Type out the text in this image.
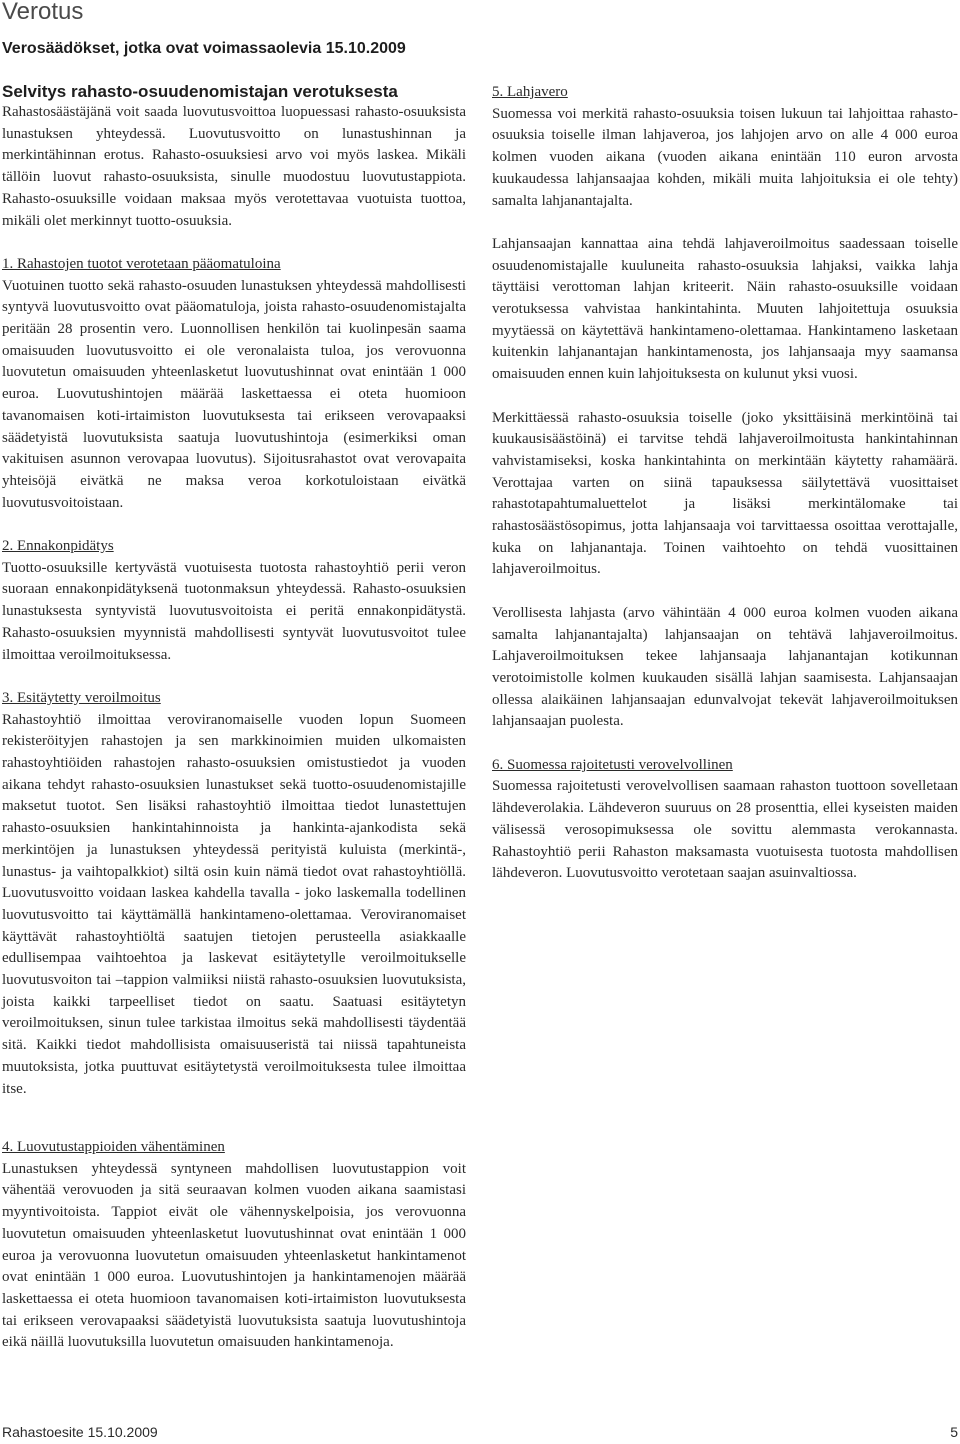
Verotus
Verosäädökset, jotka ovat voimassaolevia 15.10.2009
Selvitys rahasto-osuudenomistajan verotuksesta

Rahastosäästäjänä voit saada luovutusvoittoa luopuessasi rahasto-osuuksista lunastuksen yhteydessä. Luovutusvoitto on lunastushinnan ja merkintähinnan erotus. Rahasto-osuuksiesi arvo voi myös laskea. Mikäli tällöin luovut rahasto-osuuksista, sinulle muodostuu luovutustappiota. Rahasto-osuuksille voidaan maksaa myös verotettavaa vuotuista tuottoa, mikäli olet merkinnyt tuotto-osuuksia.

1. Rahastojen tuotot verotetaan pääomatuloina

Vuotuinen tuotto sekä rahasto-osuuden lunastuksen yhteydessä mahdollisesti syntyvä luovutusvoitto ovat pääomatuloja, joista rahasto-osuudenomistajalta peritään 28 prosentin vero. Luonnollisen henkilön tai kuolinpesän saama omaisuuden luovutusvoitto ei ole veronalaista tuloa, jos verovuonna luovutetun omaisuuden yhteenlasketut luovutushinnat ovat enintään 1 000 euroa. Luovutushintojen määrää laskettaessa ei oteta huomioon tavanomaisen koti-irtaimiston luovutuksesta tai erikseen verovapaaksi säädetyistä luovutuksista saatuja luovutushintoja (esimerkiksi oman vakituisen asunnon verovapaa luovutus). Sijoitusrahastot ovat verovapaita yhteisöjä eivätkä ne maksa veroa korkotuloistaan eivätkä luovutusvoitoistaan.

2. Ennakonpidätys

Tuotto-osuuksille kertyvästä vuotuisesta tuotosta rahastoyhtiö perii veron suoraan ennakonpidätyksenä tuotonmaksun yhteydessä. Rahasto-osuuksien lunastuksesta syntyvistä luovutusvoitoista ei peritä ennakonpidätystä. Rahasto-osuuksien myynnistä mahdollisesti syntyvät luovutusvoitot tulee ilmoittaa veroilmoituksessa.

3. Esitäytetty veroilmoitus

Rahastoyhtiö ilmoittaa veroviranomaiselle vuoden lopun Suomeen rekisteröityjen rahastojen ja sen markkinoimien muiden ulkomaisten rahastoyhtiöiden rahastojen rahasto-osuuksien omistustiedot ja vuoden aikana tehdyt rahasto-osuuksien lunastukset sekä tuotto-osuudenomistajille maksetut tuotot. Sen lisäksi rahastoyhtiö ilmoittaa tiedot lunastettujen rahasto-osuuksien hankintahinnoista ja hankinta-ajankodista sekä merkintöjen ja lunastuksen yhteydessä perityistä kuluista (merkintä-, lunastus- ja vaihtopalkkiot) siltä osin kuin nämä tiedot ovat rahastoyhtiöllä. Luovutusvoitto voidaan laskea kahdella tavalla - joko laskemalla todellinen luovutusvoitto tai käyttämällä hankintameno-olettamaa. Veroviranomaiset käyttävät rahastoyhtiöltä saatujen tietojen perusteella asiakkaalle edullisempaa vaihtoehtoa ja laskevat esitäytetylle veroilmoitukselle luovutusvoiton tai –tappion valmiiksi niistä rahasto-osuuksien luovutuksista, joista kaikki tarpeelliset tiedot on saatu. Saatuasi esitäytetyn veroilmoituksen, sinun tulee tarkistaa ilmoitus sekä mahdollisesti täydentää sitä. Kaikki tiedot mahdollisista omaisuuseristä tai niissä tapahtuneista muutoksista, jotka puuttuvat esitäytetystä veroilmoituksesta tulee ilmoittaa itse.

4. Luovutustappioiden vähentäminen

Lunastuksen yhteydessä syntyneen mahdollisen luovutustappion voit vähentää verovuoden ja sitä seuraavan kolmen vuoden aikana saamistasi myyntivoitoista. Tappiot eivät ole vähennyskelpoisia, jos verovuonna luovutetun omaisuuden yhteenlasketut luovutushinnat ovat enintään 1 000 euroa ja verovuonna luovutetun omaisuuden yhteenlasketut hankintamenot ovat enintään 1 000 euroa. Luovutushintojen ja hankintamenojen määrää laskettaessa ei oteta huomioon tavanomaisen koti-irtaimiston luovutuksesta tai erikseen verovapaaksi säädetyistä luovutuksista saatuja luovutushintoja eikä näillä luovutuksilla luovutetun omaisuuden hankintamenoja.

5. Lahjavero

Suomessa voi merkitä rahasto-osuuksia toisen lukuun tai lahjoittaa rahasto-osuuksia toiselle ilman lahjaveroa, jos lahjojen arvo on alle 4 000 euroa kolmen vuoden aikana (vuoden aikana enintään 110 euron arvosta kuukaudessa lahjansaajaa kohden, mikäli muita lahjoituksia ei ole tehty) samalta lahjanantajalta.

Lahjansaajan kannattaa aina tehdä lahjaveroilmoitus saadessaan toiselle osuudenomistajalle kuuluneita rahasto-osuuksia lahjaksi, vaikka lahja täyttäisi verottoman lahjan kriteerit. Näin rahasto-osuuksille voidaan verotuksessa vahvistaa hankintahinta. Muuten lahjoitettuja osuuksia myytäessä on käytettävä hankintameno-olettamaa. Hankintameno lasketaan kuitenkin lahjanantajan hankintamenosta, jos lahjansaaja myy saamansa omaisuuden ennen kuin lahjoituksesta on kulunut yksi vuosi.

Merkittäessä rahasto-osuuksia toiselle (joko yksittäisinä merkintöinä tai kuukausisäästöinä) ei tarvitse tehdä lahjaveroilmoitusta hankintahinnan vahvistamiseksi, koska hankintahinta on merkintään käytetty rahamäärä. Verottajaa varten on siinä tapauksessa säilytettävä vuosittaiset rahastotapahtumaluettelot ja lisäksi merkintälomake tai rahastosäästösopimus, jotta lahjansaaja voi tarvittaessa osoittaa verottajalle, kuka on lahjanantaja. Toinen vaihtoehto on tehdä vuosittainen lahjaveroilmoitus.

Verollisesta lahjasta (arvo vähintään 4 000 euroa kolmen vuoden aikana samalta lahjanantajalta) lahjansaajan on tehtävä lahjaveroilmoitus. Lahjaveroilmoituksen tekee lahjansaaja lahjanantajan kotikunnan verotoimistolle kolmen kuukauden sisällä lahjan saamisesta. Lahjansaajan ollessa alaikäinen lahjansaajan edunvalvojat tekevät lahjaveroilmoituksen lahjansaajan puolesta.

6. Suomessa rajoitetusti verovelvollinen

Suomessa rajoitetusti verovelvollisen saamaan rahaston tuottoon sovelletaan lähdeverolakia. Lähdeveron suuruus on 28 prosenttia, ellei kyseisten maiden välisessä verosopimuksessa ole sovittu alemmasta verokannasta. Rahastoyhtiö perii Rahaston maksamasta vuotuisesta tuotosta mahdollisen lähdeveron. Luovutusvoitto verotetaan saajan asuinvaltiossa.

Rahastoesite 15.10.2009	5
